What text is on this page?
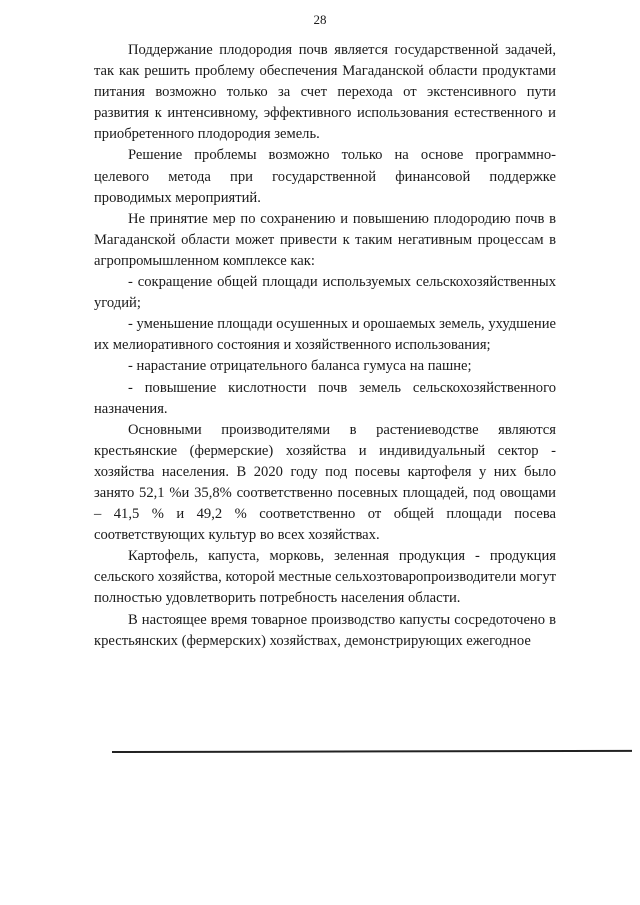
28

Поддержание плодородия почв является государственной задачей, так как решить проблему обеспечения Магаданской области продуктами питания возможно только за счет перехода от экстенсивного пути развития к интенсивному, эффективного использования естественного и приобретенного плодородия земель.

Решение проблемы возможно только на основе программно-целевого метода при государственной финансовой поддержке проводимых мероприятий.

Не принятие мер по сохранению и повышению плодородию почв в Магаданской области может привести к таким негативным процессам в агропромышленном комплексе как:

- сокращение общей площади используемых сельскохозяйственных угодий;

- уменьшение площади осушенных и орошаемых земель, ухудшение их мелиоративного состояния и хозяйственного использования;

- нарастание отрицательного баланса гумуса на пашне;

- повышение кислотности почв земель сельскохозяйственного назначения.

Основными производителями в растениеводстве являются крестьянские (фермерские) хозяйства и индивидуальный сектор - хозяйства населения. В 2020 году под посевы картофеля у них было занято 52,1 %и 35,8% соответственно посевных площадей, под овощами – 41,5 % и 49,2 % соответственно от общей площади посева соответствующих культур во всех хозяйствах.

Картофель, капуста, морковь, зеленная продукция - продукция сельского хозяйства, которой местные сельхозтоваропроизводители могут полностью удовлетворить потребность населения области.

В настоящее время товарное производство капусты сосредоточено в крестьянских (фермерских) хозяйствах, демонстрирующих ежегодное
